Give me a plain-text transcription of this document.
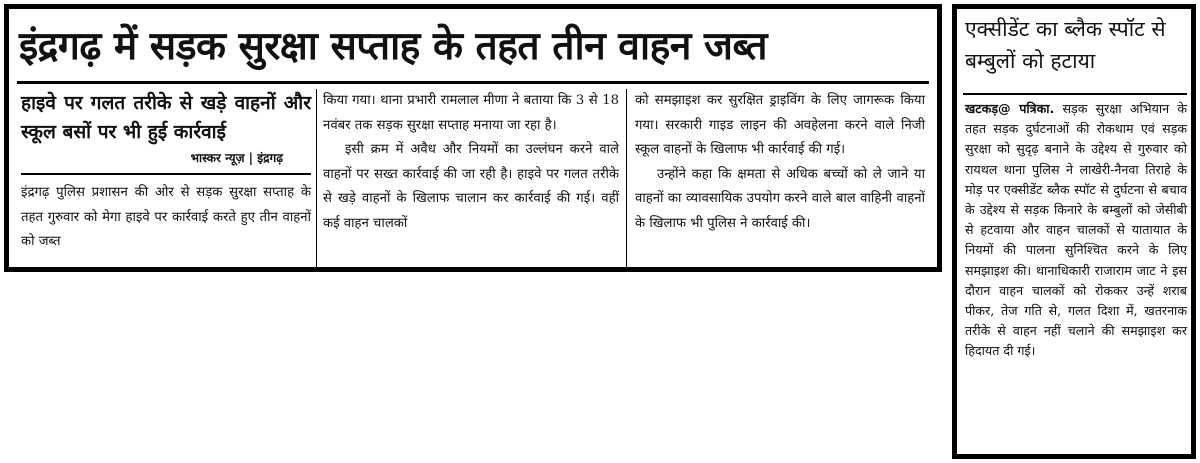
इंद्रगढ़ में सड़क सुरक्षा सप्ताह के तहत तीन वाहन जब्त

हाइवे पर गलत तरीके से खड़े वाहनों और स्कूल बसों पर भी हुई कार्रवाई

भास्कर न्यूज़ | इंद्रगढ़

इंद्रगढ़ पुलिस प्रशासन की ओर से सड़क सुरक्षा सप्ताह के तहत गुरुवार को मेगा हाइवे पर कार्रवाई करते हुए तीन वाहनों को जब्त

किया गया। थाना प्रभारी रामलाल मीणा ने बताया कि 3 से 18 नवंबर तक सड़क सुरक्षा सप्ताह मनाया जा रहा है।

इसी क्रम में अवैध और नियमों का उल्लंघन करने वाले वाहनों पर सख्त कार्रवाई की जा रही है। हाइवे पर गलत तरीके से खड़े वाहनों के खिलाफ चालान कर कार्रवाई की गई। वहीं कई वाहन चालकों

को समझाइश कर सुरक्षित ड्राइविंग के लिए जागरूक किया गया। सरकारी गाइड लाइन की अवहेलना करने वाले निजी स्कूल वाहनों के खिलाफ भी कार्रवाई की गई।

उन्होंने कहा कि क्षमता से अधिक बच्चों को ले जाने या वाहनों का व्यावसायिक उपयोग करने वाले बाल वाहिनी वाहनों के खिलाफ भी पुलिस ने कार्रवाई की।

एक्सीडेंट का ब्लैक स्पॉट से बम्बुलों को हटाया
खटकड़@ पत्रिका. सड़क सुरक्षा अभियान के तहत सड़क दुर्घटनाओं की रोकथाम एवं सड़क सुरक्षा को सुदृढ़ बनाने के उद्देश्य से गुरुवार को रायथल थाना पुलिस ने लाखेरी-नैनवा तिराहे के मोड़ पर एक्सीडेंट ब्लैक स्पॉट से दुर्घटना से बचाव के उद्देश्य से सड़क किनारे के बम्बुलों को जेसीबी से हटवाया और वाहन चालकों से यातायात के नियमों की पालना सुनिश्चित करने के लिए समझाइश की। थानाधिकारी राजाराम जाट ने इस दौरान वाहन चालकों को रोककर उन्हें शराब पीकर, तेज गति से, गलत दिशा में, खतरनाक तरीके से वाहन नहीं चलाने की समझाइश कर हिदायत दी गई।
